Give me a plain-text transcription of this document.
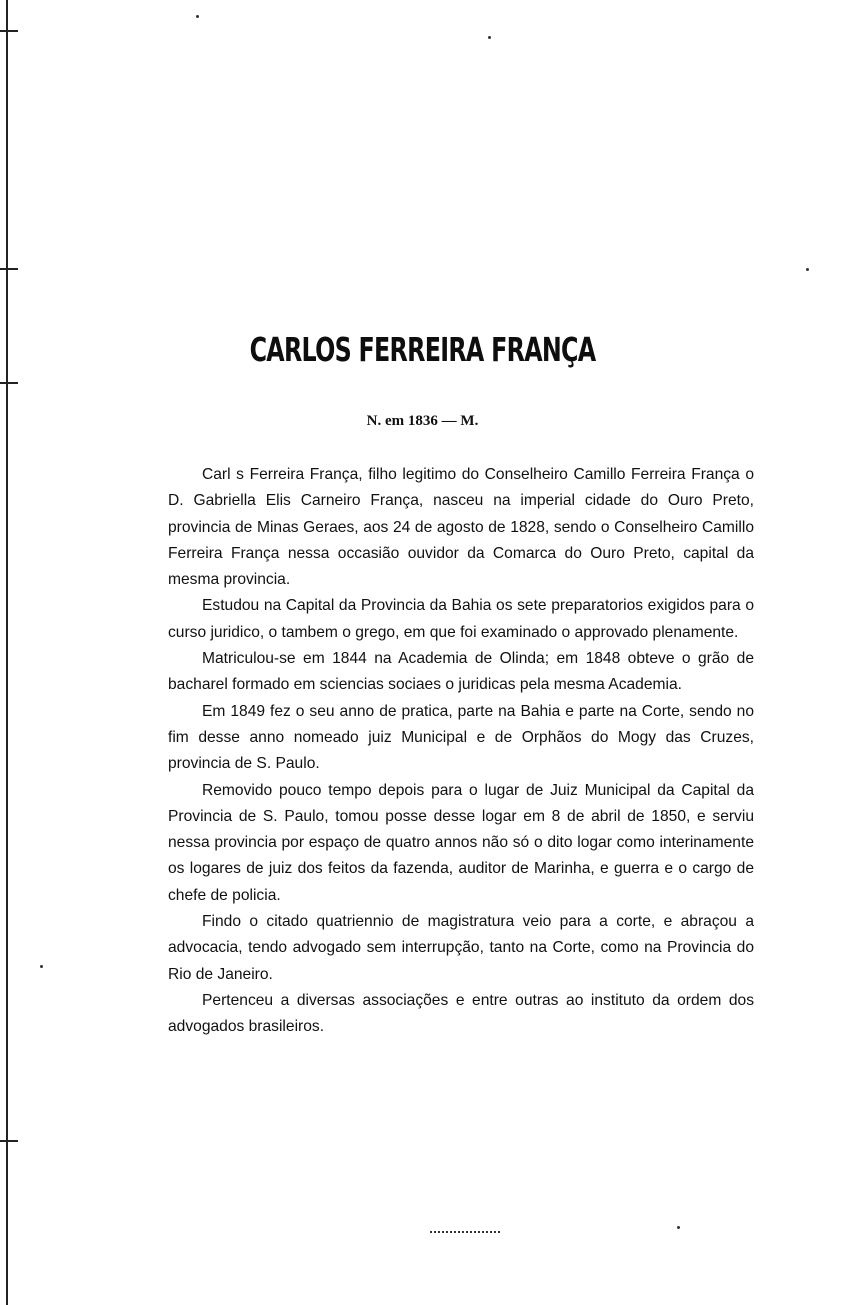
CARLOS FERREIRA FRANÇA
N. em 1836 — M.

Carl s Ferreira França, filho legitimo do Conselheiro Camillo Ferreira França o D. Gabriella Elis Carneiro França, nasceu na imperial cidade do Ouro Preto, provincia de Minas Geraes, aos 24 de agosto de 1828, sendo o Conselheiro Camillo Ferreira França nessa occasião ouvidor da Comarca do Ouro Preto, capital da mesma provincia.

Estudou na Capital da Provincia da Bahia os sete preparatorios exigidos para o curso juridico, o tambem o grego, em que foi examinado o approvado plenamente.

Matriculou-se em 1844 na Academia de Olinda; em 1848 obteve o grão de bacharel formado em sciencias sociaes o juridicas pela mesma Academia.

Em 1849 fez o seu anno de pratica, parte na Bahia e parte na Corte, sendo no fim desse anno nomeado juiz Municipal e de Orphãos do Mogy das Cruzes, provincia de S. Paulo.

Removido pouco tempo depois para o lugar de Juiz Municipal da Capital da Provincia de S. Paulo, tomou posse desse logar em 8 de abril de 1850, e serviu nessa provincia por espaço de quatro annos não só o dito logar como interinamente os logares de juiz dos feitos da fazenda, auditor de Marinha, e guerra e o cargo de chefe de policia.

Findo o citado quatriennio de magistratura veio para a corte, e abraçou a advocacia, tendo advogado sem interrupção, tanto na Corte, como na Provincia do Rio de Janeiro.

Pertenceu a diversas associações e entre outras ao instituto da ordem dos advogados brasileiros.
